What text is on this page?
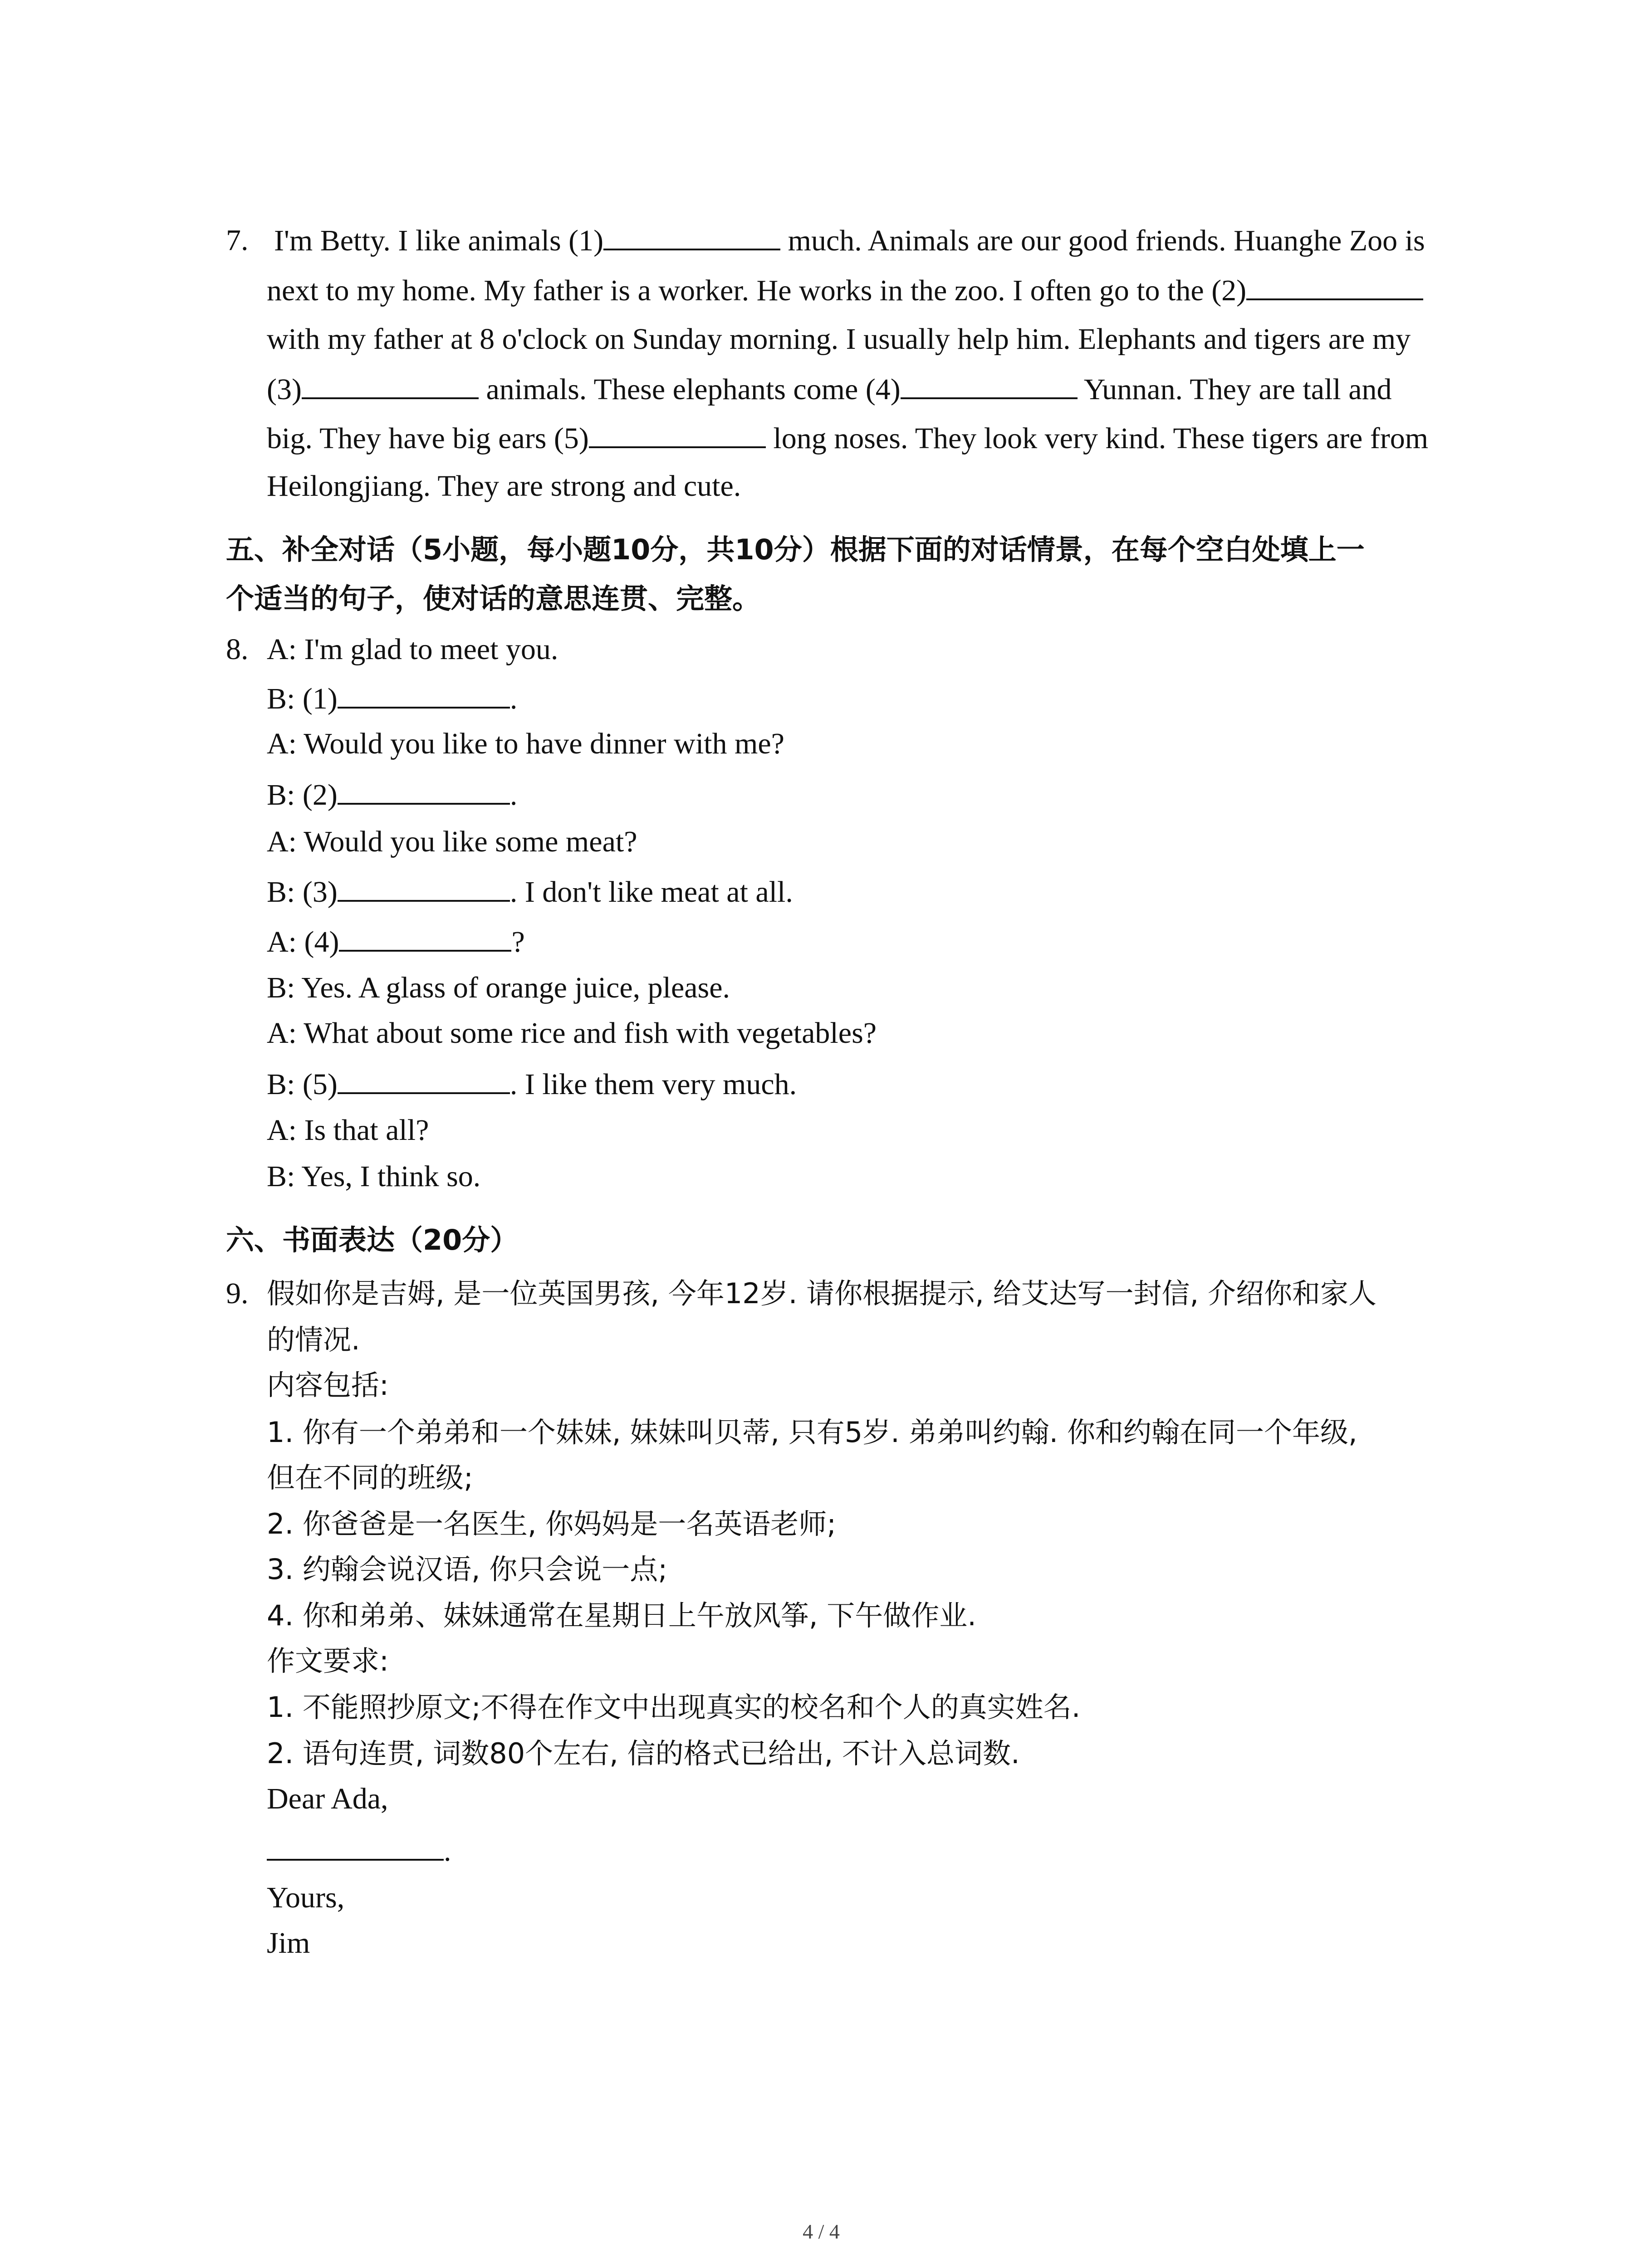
7. I'm Betty. I like animals (1)	much. Animals are our good friends. Huanghe Zoo is
next to my home. My father is a worker. He works in the zoo. I often go to the (2)
with my father at 8 o'clock on Sunday morning. I usually help him. Elephants and tigers are my
(3)	animals. These elephants come (4)	Yunnan. They are tall and
big. They have big ears (5)	long noses. They look very kind. These tigers are from
Heilongjiang. They are strong and cute.
五、补全对话（5小题，每小题10分，共10分）根据下面的对话情景，在每个空白处填上一
个适当的句子，使对话的意思连贯、完整。
8. A: I'm glad to meet you.
B: (1)	.
A: Would you like to have dinner with me?
B: (2)	.
A: Would you like some meat?
B: (3)	. I don't like meat at all.
A: (4)	?
B: Yes. A glass of orange juice, please.
A: What about some rice and fish with vegetables?
B: (5)	. I like them very much.
A: Is that all?
B: Yes, I think so.
六、书面表达（20分）
9. 假如你是吉姆, 是一位英国男孩, 今年12岁. 请你根据提示, 给艾达写一封信, 介绍你和家人
的情况.
内容包括:
1. 你有一个弟弟和一个妹妹, 妹妹叫贝蒂, 只有5岁. 弟弟叫约翰. 你和约翰在同一个年级,
但在不同的班级;
2. 你爸爸是一名医生, 你妈妈是一名英语老师;
3. 约翰会说汉语, 你只会说一点;
4. 你和弟弟、妹妹通常在星期日上午放风筝, 下午做作业.
作文要求:
1. 不能照抄原文;不得在作文中出现真实的校名和个人的真实姓名.
2. 语句连贯, 词数80个左右, 信的格式已给出, 不计入总词数.
Dear Ada,
.
Yours,
Jim
4 / 4
